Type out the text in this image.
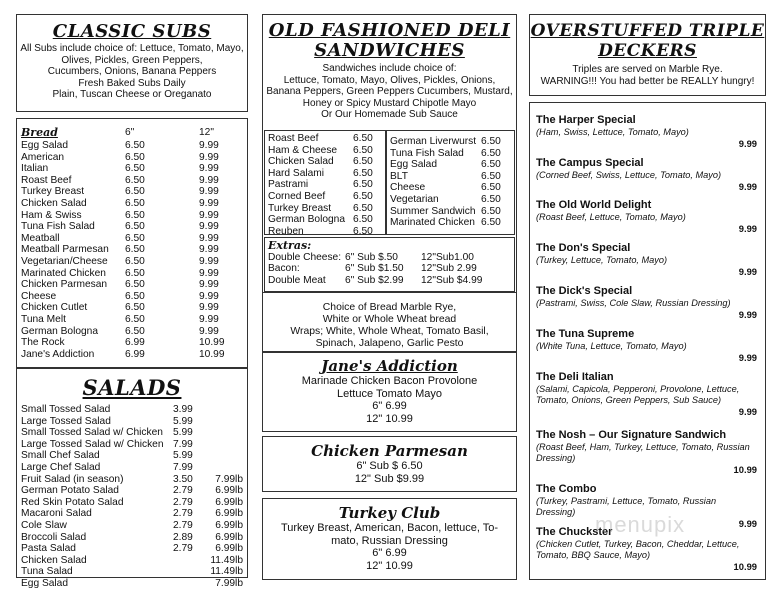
CLASSIC SUBS
All Subs include choice of: Lettuce, Tomato, Mayo,
Olives, Pickles, Green Peppers,
Cucumbers, Onions, Banana Peppers
Fresh Baked Subs Daily
Plain, Tuscan Cheese or Oreganato
Bread	6"	12"
Egg Salad	6.50	9.99
American	6.50	9.99
Italian	6.50	9.99
Roast Beef	6.50	9.99
Turkey Breast	6.50	9.99
Chicken Salad	6.50	9.99
Ham & Swiss	6.50	9.99
Tuna Fish Salad	6.50	9.99
Meatball	6.50	9.99
Meatball Parmesan 6.50	9.99
Vegetarian/Cheese 6.50	9.99
Marinated Chicken 6.50	9.99
Chicken Parmesan 6.50	9.99
Cheese	6.50	9.99
Chicken Cutlet	6.50	9.99
Tuna Melt	6.50	9.99
German Bologna	6.50	9.99
The Rock	6.99	10.99
Jane's Addiction	6.99	10.99
SALADS
Small Tossed Salad	3.99
Large Tossed Salad	5.99
Small Tossed Salad w/ Chicken 5.99
Large Tossed Salad w/ Chicken 7.99
Small Chef Salad	5.99
Large Chef Salad	7.99
Fruit Salad (in season)	3.50 7.99lb
German Potato Salad	2.79 6.99lb
Red Skin Potato Salad	2.79 6.99lb
Macaroni Salad	2.79 6.99lb
Cole Slaw	2.79 6.99lb
Broccoli Salad	2.89 6.99lb
Pasta Salad	2.79 6.99lb
Chicken Salad	11.49lb
Tuna Salad	11.49lb
Egg Salad	7.99lb
OLD FASHIONED DELI
SANDWICHES
Sandwiches include choice of:
Lettuce, Tomato, Mayo, Olives, Pickles, Onions,
Banana Peppers, Green Peppers Cucumbers, Mustard,
Honey or Spicy Mustard Chipotle Mayo
Or Our Homemade Sub Sauce
Roast Beef	6.50
Ham & Cheese 6.50
Chicken Salad 6.50
Hard Salami	6.50
Pastrami	6.50
Corned Beef	6.50
Turkey Breast 6.50
German Bologna 6.50
Reuben	6.50
German Liverwurst 6.50
Tuna Fish Salad 6.50
Egg Salad	6.50
BLT	6.50
Cheese	6.50
Vegetarian	6.50
Summer Sandwich 6.50
Marinated Chicken 6.50
Extras:
Double Cheese: 6" Sub $.50 12"Sub1.00
Bacon:	6" Sub $1.50 12"Sub 2.99
Double Meat 6" Sub $2.99 12"Sub $4.99
Choice of Bread Marble Rye,
White or Whole Wheat bread
Wraps; White, Whole Wheat, Tomato Basil,
Spinach, Jalapeno, Garlic Pesto
Jane's Addiction
Marinade Chicken Bacon Provolone
Lettuce Tomato Mayo
6" 6.99
12" 10.99
Chicken Parmesan
6" Sub $ 6.50
12" Sub $9.99
Turkey Club
Turkey Breast, American, Bacon, lettuce, To-
mato, Russian Dressing
6" 6.99
12" 10.99
OVERSTUFFED TRIPLE
DECKERS
Triples are served on Marble Rye.
WARNING!!! You had better be REALLY hungry!
The Harper Special
(Ham, Swiss, Lettuce, Tomato, Mayo)
9.99
The Campus Special
(Corned Beef, Swiss, Lettuce, Tomato, Mayo)
9.99
The Old World Delight
(Roast Beef, Lettuce, Tomato, Mayo)
9.99
The Don's Special
(Turkey, Lettuce, Tomato, Mayo)
9.99
The Dick's Special
(Pastrami, Swiss, Cole Slaw, Russian Dressing)
9.99
The Tuna Supreme
(White Tuna, Lettuce, Tomato, Mayo)
9.99
The Deli Italian
(Salami, Capicola, Pepperoni, Provolone, Lettuce, Tomato, Onions, Green Peppers, Sub Sauce)
9.99
The Nosh – Our Signature Sandwich
(Roast Beef, Ham, Turkey, Lettuce, Tomato, Russian Dressing)
10.99
The Combo
(Turkey, Pastrami, Lettuce, Tomato, Russian Dressing)
9.99
The Chuckster
(Chicken Cutlet, Turkey, Bacon, Cheddar, Lettuce, Tomato, BBQ Sauce, Mayo)
10.99
menupix
